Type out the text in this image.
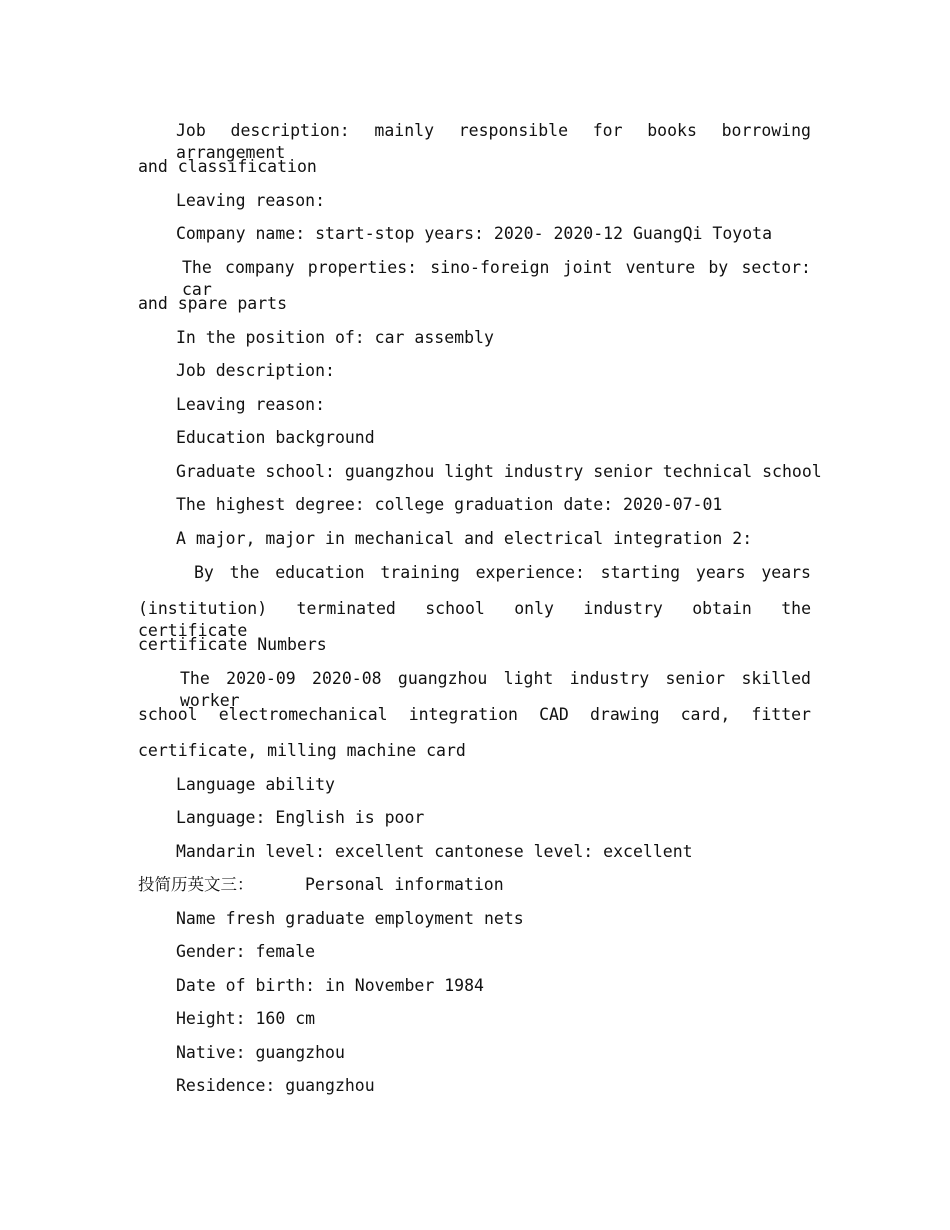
Job description: mainly responsible for books borrowing arrangement
and classification
Leaving reason:
Company name: start-stop years: 2020- 2020-12 GuangQi Toyota
The company properties: sino-foreign joint venture by sector: car
and spare parts
In the position of: car assembly
Job description:
Leaving reason:
Education background
Graduate school: guangzhou light industry senior technical school
The highest degree: college graduation date: 2020-07-01
A major, major in mechanical and electrical integration 2:
By the education training experience: starting years years
(institution) terminated school only industry obtain the certificate
certificate Numbers
The 2020-09 2020-08 guangzhou light industry senior skilled worker
school electromechanical integration CAD drawing card, fitter
certificate, milling machine card
Language ability
Language: English is poor
Mandarin level: excellent cantonese level: excellent
投简历英文三：	Personal information
Name fresh graduate employment nets
Gender: female
Date of birth: in November 1984
Height: 160 cm
Native: guangzhou
Residence: guangzhou
